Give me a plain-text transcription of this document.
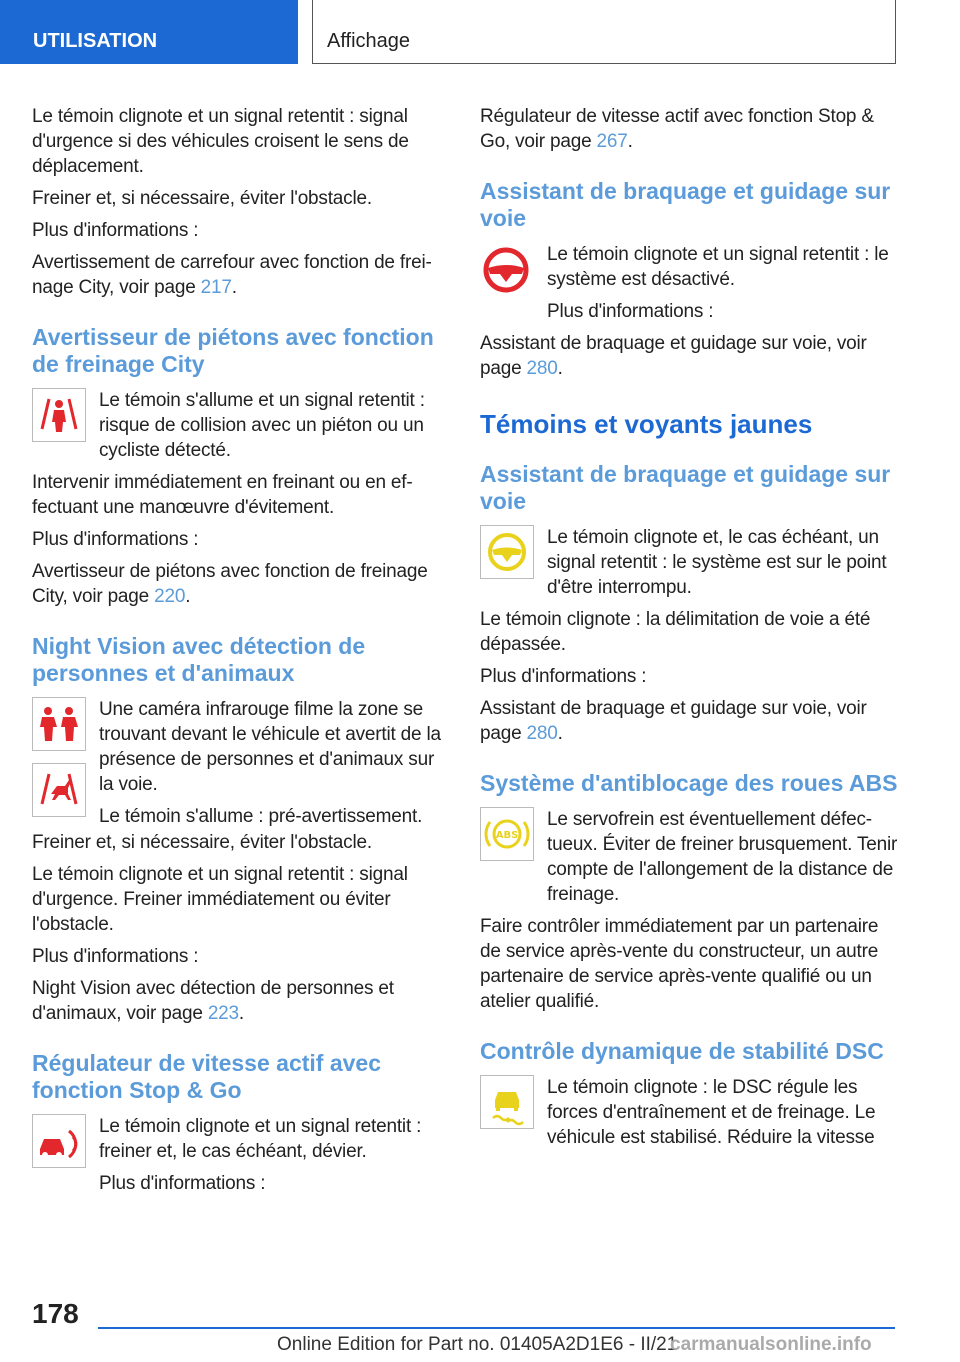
UTILISATION	Affichage

Le témoin clignote et un signal retentit : signal d'urgence si des véhicules croisent le sens de déplacement.

Freiner et, si nécessaire, éviter l'obstacle.

Plus d'informations :

Avertissement de carrefour avec fonction de freinage City, voir page 217.

Avertisseur de piétons avec fonction de freinage City

Le témoin s'allume et un signal retentit : risque de collision avec un piéton ou un cycliste détecté.

Intervenir immédiatement en freinant ou en effectuant une manœuvre d'évitement.

Plus d'informations :

Avertisseur de piétons avec fonction de freinage City, voir page 220.

Night Vision avec détection de personnes et d'animaux

Une caméra infrarouge filme la zone se trouvant devant le véhicule et avertit de la présence de personnes et d'animaux sur la voie.

Le témoin s'allume : pré-avertissement.

Freiner et, si nécessaire, éviter l'obstacle.

Le témoin clignote et un signal retentit : signal d'urgence. Freiner immédiatement ou éviter l'obstacle.

Plus d'informations :

Night Vision avec détection de personnes et d'animaux, voir page 223.

Régulateur de vitesse actif avec fonction Stop & Go

Le témoin clignote et un signal retentit : freiner et, le cas échéant, dévier.

Plus d'informations :

Régulateur de vitesse actif avec fonction Stop & Go, voir page 267.

Assistant de braquage et guidage sur voie

Le témoin clignote et un signal retentit : le système est désactivé.

Plus d'informations :

Assistant de braquage et guidage sur voie, voir page 280.

Témoins et voyants jaunes
Assistant de braquage et guidage sur voie

Le témoin clignote et, le cas échéant, un signal retentit : le système est sur le point d'être interrompu.

Le témoin clignote : la délimitation de voie a été dépassée.

Plus d'informations :

Assistant de braquage et guidage sur voie, voir page 280.

Système d'antiblocage des roues ABS
ABS

Le servofrein est éventuellement défectueux. Éviter de freiner brusquement. Tenir compte de l'allongement de la distance de freinage.

Faire contrôler immédiatement par un partenaire de service après-vente du constructeur, un autre partenaire de service après-vente qualifié ou un atelier qualifié.

Contrôle dynamique de stabilité DSC

Le témoin clignote : le DSC régule les forces d'entraînement et de freinage. Le véhicule est stabilisé. Réduire la vitesse

178
Online Edition for Part no. 01405A2D1E6 - II/21
carmanualsonline.info
